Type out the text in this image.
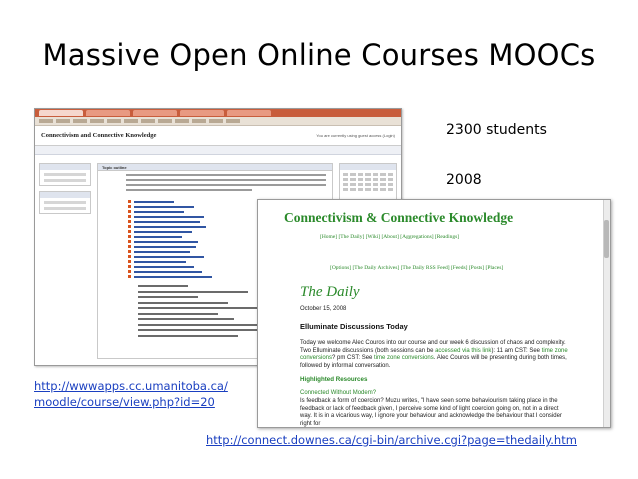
Massive Open Online Courses MOOCs
2300 students
2008
Connectivism and Connective Knowledge	You are currently using guest access (Login)
Topic outline
Connectivism & Connective Knowledge
[Home] [The Daily] [Wiki] [About] [Aggregations] [Readings]
[Options] [The Daily Archives] [The Daily RSS Feed] [Feeds] [Posts] [Places]
The Daily
October 15, 2008
Elluminate Discussions Today
Today we welcome Alec Couros into our course and our week 6 discussion of chaos and complexity. Two Elluminate discussions (both sessions can be accessed via this link): 11 am CST: See time zone conversions? pm CST: See time zone conversions. Alec Couros will be presenting during both times, followed by informal conversation.
Highlighted Resources
Connected Without Modem?
Is feedback a form of coercion? Muzu writes, "I have seen some behaviourism taking place in the feedback or lack of feedback given, I perceive some kind of light coercion going on, not in a direct way. It is in a vicarious way, I ignore your behaviour and acknowledge the behaviour that I consider right for
http://wwwapps.cc.umanitoba.ca/
moodle/course/view.php?id=20
http://connect.downes.ca/cgi-bin/archive.cgi?page=thedaily.htm
